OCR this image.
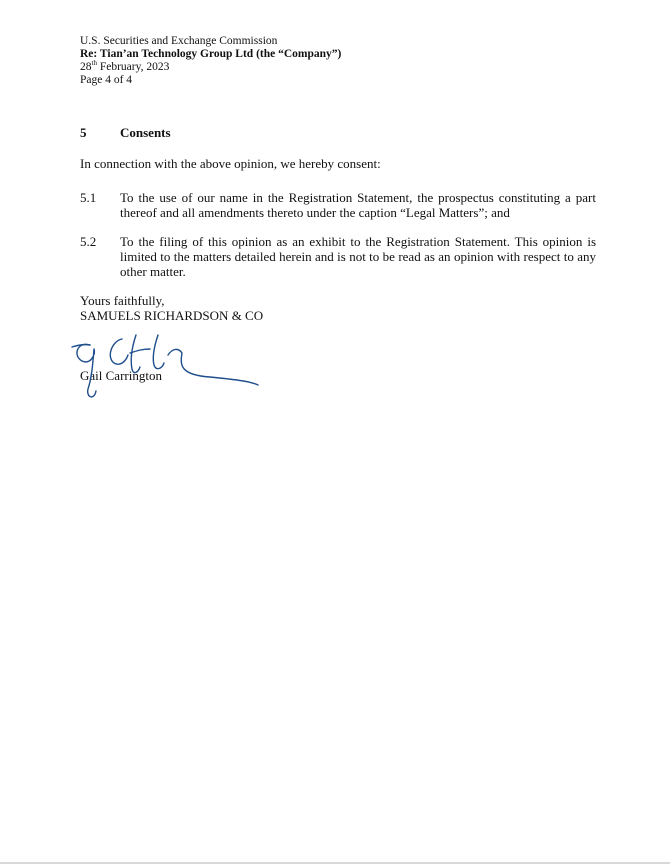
U.S. Securities and Exchange Commission
Re: Tian’an Technology Group Ltd (the “Company”)
28th February, 2023
Page 4 of 4
5	Consents
In connection with the above opinion, we hereby consent:
5.1 To the use of our name in the Registration Statement, the prospectus constituting a part thereof and all amendments thereto under the caption “Legal Matters”; and
5.2 To the filing of this opinion as an exhibit to the Registration Statement. This opinion is limited to the matters detailed herein and is not to be read as an opinion with respect to any other matter.
Yours faithfully,
SAMUELS RICHARDSON & CO
Gail Carrington
